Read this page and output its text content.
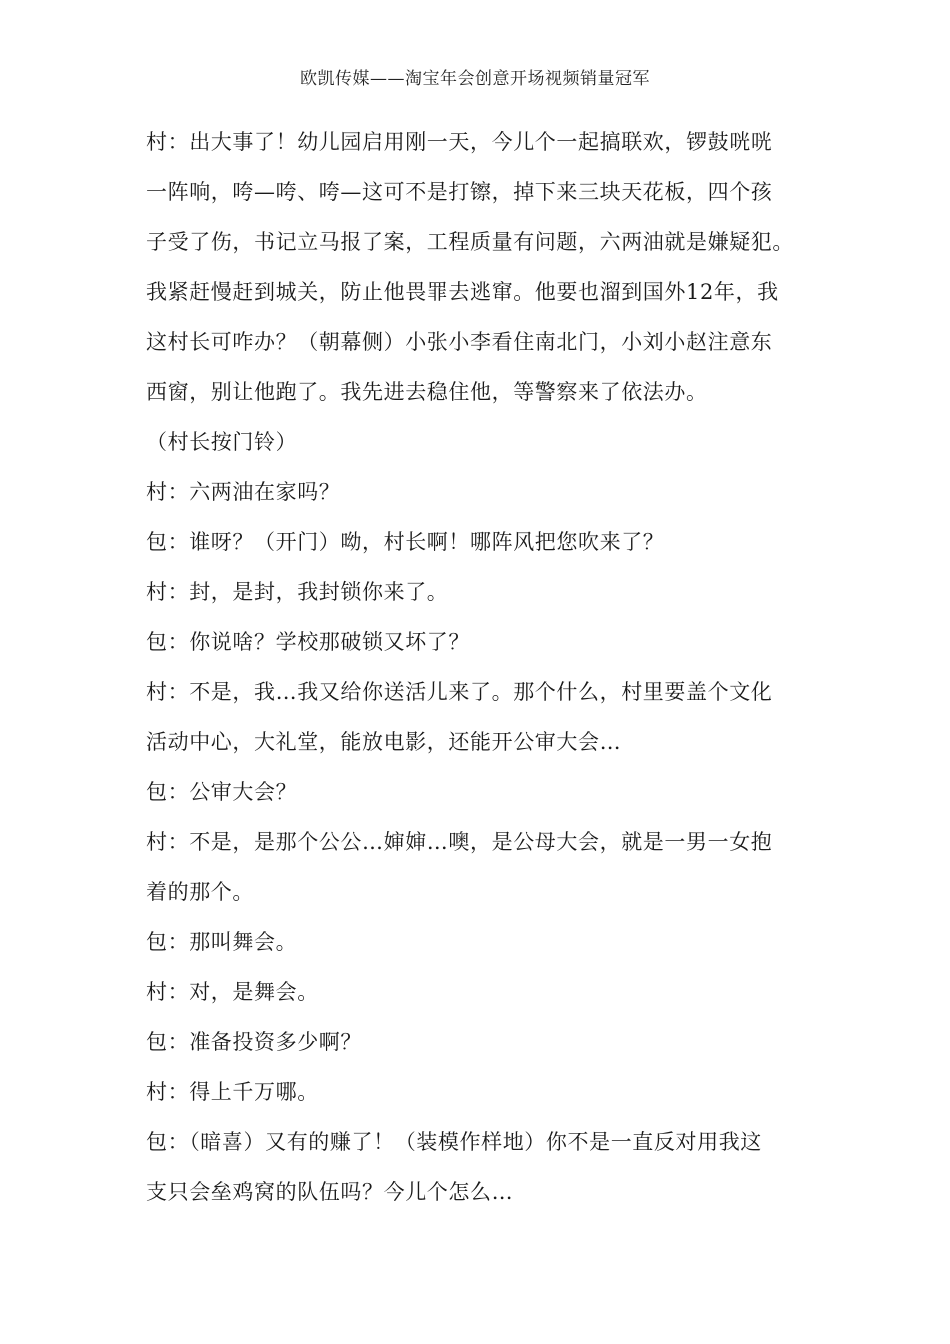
欧凯传媒——淘宝年会创意开场视频销量冠军
村：出大事了！幼儿园启用刚一天，今儿个一起搞联欢，锣鼓咣咣
一阵响，咵—咵、咵—这可不是打镲，掉下来三块天花板，四个孩
子受了伤，书记立马报了案，工程质量有问题，六两油就是嫌疑犯。
我紧赶慢赶到城关，防止他畏罪去逃窜。他要也溜到国外12年，我
这村长可咋办？（朝幕侧）小张小李看住南北门，小刘小赵注意东
西窗，别让他跑了。我先进去稳住他，等警察来了依法办。
（村长按门铃）
村：六两油在家吗？
包：谁呀？（开门）呦，村长啊！哪阵风把您吹来了？
村：封，是封，我封锁你来了。
包：你说啥？学校那破锁又坏了？
村：不是，我…我又给你送活儿来了。那个什么，村里要盖个文化
活动中心，大礼堂，能放电影，还能开公审大会…
包：公审大会？
村：不是，是那个公公…婶婶…噢，是公母大会，就是一男一女抱
着的那个。
包：那叫舞会。
村：对，是舞会。
包：准备投资多少啊？
村：得上千万哪。
包：（暗喜）又有的赚了！（装模作样地）你不是一直反对用我这
支只会垒鸡窝的队伍吗？今儿个怎么…
